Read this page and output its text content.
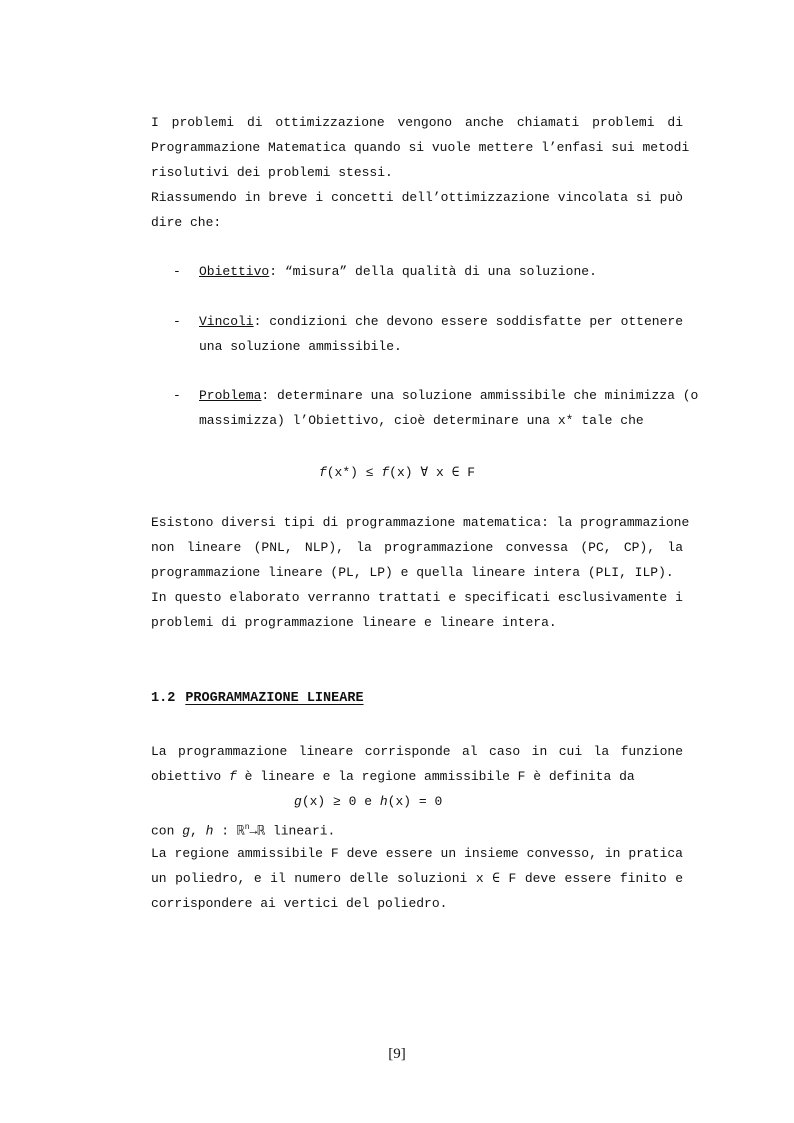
I problemi di ottimizzazione vengono anche chiamati problemi di
Programmazione Matematica quando si vuole mettere l’enfasi sui metodi
risolutivi dei problemi stessi.
Riassumendo in breve i concetti dell’ottimizzazione vincolata si può
dire che:
-	Obiettivo: “misura” della qualità di una soluzione.
-	Vincoli: condizioni che devono essere soddisfatte per ottenere
una soluzione ammissibile.
-	Problema: determinare una soluzione ammissibile che minimizza (o
massimizza) l’Obiettivo, cioè determinare una x* tale che
f(x*) ≤ f(x) ∀ x ∈ F
Esistono diversi tipi di programmazione matematica: la programmazione
non lineare (PNL, NLP), la programmazione convessa (PC, CP), la
programmazione lineare (PL, LP) e quella lineare intera (PLI, ILP).
In questo elaborato verranno trattati e specificati esclusivamente i
problemi di programmazione lineare e lineare intera.
1.2 PROGRAMMAZIONE LINEARE
La programmazione lineare corrisponde al caso in cui la funzione
obiettivo f è lineare e la regione ammissibile F è definita da
g(x) ≥ 0 e h(x) = 0
con g, h : ℝ$^n$→ℝ lineari.
La regione ammissibile F deve essere un insieme convesso, in pratica
un poliedro, e il numero delle soluzioni x ∈ F deve essere finito e
corrispondere ai vertici del poliedro.
[9]
